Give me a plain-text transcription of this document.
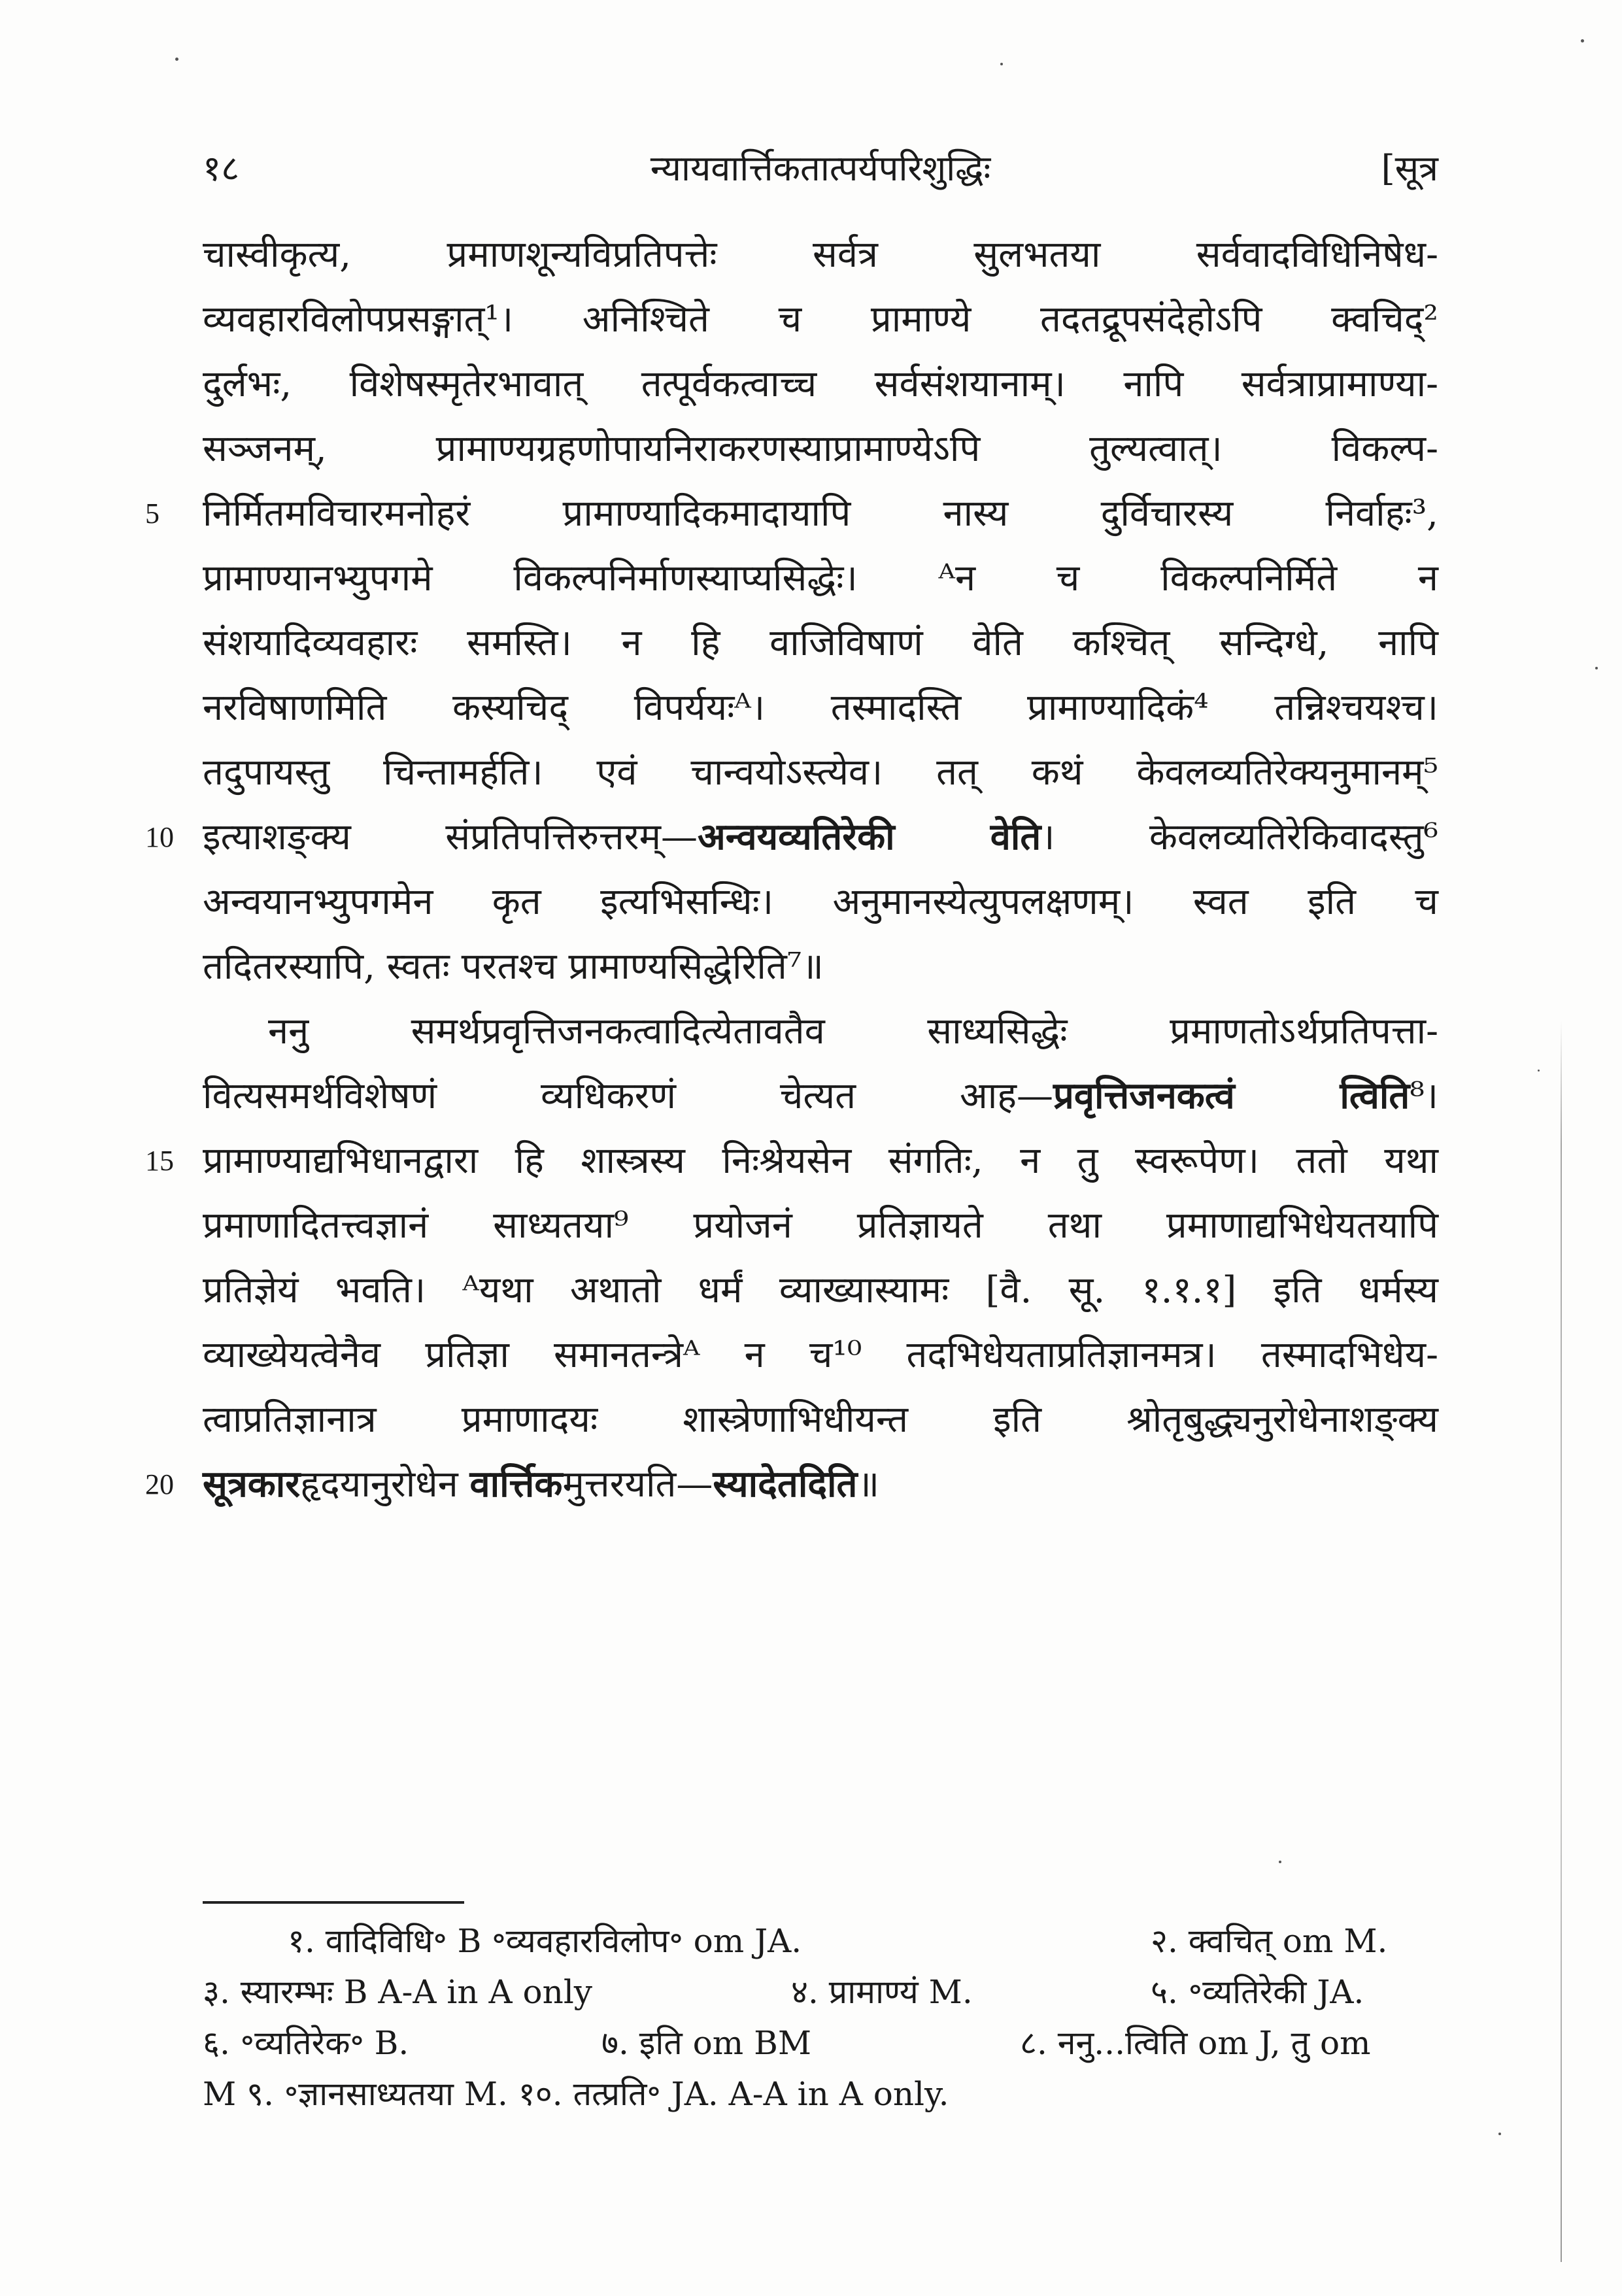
१८	न्यायवार्त्तिकतात्पर्यपरिशुद्धिः	[सूत्र
चास्वीकृत्य, प्रमाणशून्यविप्रतिपत्तेः सर्वत्र सुलभतया सर्ववादविधिनिषेध-
व्यवहारविलोपप्रसङ्गात्¹। अनिश्चिते च प्रामाण्ये तदतद्रूपसंदेहोऽपि क्वचिद्²
दुर्लभः, विशेषस्मृतेरभावात् तत्पूर्वकत्वाच्च सर्वसंशयानाम्। नापि सर्वत्राप्रामाण्या-
सञ्जनम्, प्रामाण्यग्रहणोपायनिराकरणस्याप्रामाण्येऽपि तुल्यत्वात्। विकल्प-
5 निर्मितमविचारमनोहरं प्रामाण्यादिकमादायापि नास्य दुर्विचारस्य निर्वाहः³,
प्रामाण्यानभ्युपगमे विकल्पनिर्माणस्याप्यसिद्धेः। ᴬन च विकल्पनिर्मिते न
संशयादिव्यवहारः समस्ति। न हि वाजिविषाणं वेति कश्चित् सन्दिग्धे, नापि
नरविषाणमिति कस्यचिद् विपर्ययःᴬ। तस्मादस्ति प्रामाण्यादिकं⁴ तन्निश्चयश्च।
तदुपायस्तु चिन्तामर्हति। एवं चान्वयोऽस्त्येव। तत् कथं केवलव्यतिरेक्यनुमानम्⁵
10 इत्याशङ्क्य संप्रतिपत्तिरुत्तरम्—अन्वयव्यतिरेकी वेति। केवलव्यतिरेकिवादस्तु⁶
अन्वयानभ्युपगमेन कृत इत्यभिसन्धिः। अनुमानस्येत्युपलक्षणम्। स्वत इति च
तदितरस्यापि, स्वतः परतश्च प्रामाण्यसिद्धेरिति⁷॥
ननु समर्थप्रवृत्तिजनकत्वादित्येतावतैव साध्यसिद्धेः प्रमाणतोऽर्थप्रतिपत्ता-
वित्यसमर्थविशेषणं व्यधिकरणं चेत्यत आह—प्रवृत्तिजनकत्वं त्विति⁸।
15 प्रामाण्याद्यभिधानद्वारा हि शास्त्रस्य निःश्रेयसेन संगतिः, न तु स्वरूपेण। ततो यथा
प्रमाणादितत्त्वज्ञानं साध्यतया⁹ प्रयोजनं प्रतिज्ञायते तथा प्रमाणाद्यभिधेयतयापि
प्रतिज्ञेयं भवति। ᴬयथा अथातो धर्मं व्याख्यास्यामः [वै. सू. १.१.१] इति धर्मस्य
व्याख्येयत्वेनैव प्रतिज्ञा समानतन्त्रेᴬ न च¹⁰ तदभिधेयताप्रतिज्ञानमत्र। तस्मादभिधेय-
त्वाप्रतिज्ञानात्र प्रमाणादयः शास्त्रेणाभिधीयन्त इति श्रोतृबुद्ध्यनुरोधेनाशङ्क्य
20 सूत्रकारहृदयानुरोधेन वार्त्तिकमुत्तरयति—स्यादेतदिति॥
१. वादिविधि॰ B ॰व्यवहारविलोप॰ om JA.	२. क्वचित् om M.
३. स्यारम्भः B A-A in A only	४. प्रामाण्यं M.	५. ॰व्यतिरेकी JA.
६. ॰व्यतिरेक॰ B.	७. इति om BM	८. ननु...त्विति om J, तु om
M ९. ॰ज्ञानसाध्यतया M. १०. तत्प्रति॰ JA. A-A in A only.
